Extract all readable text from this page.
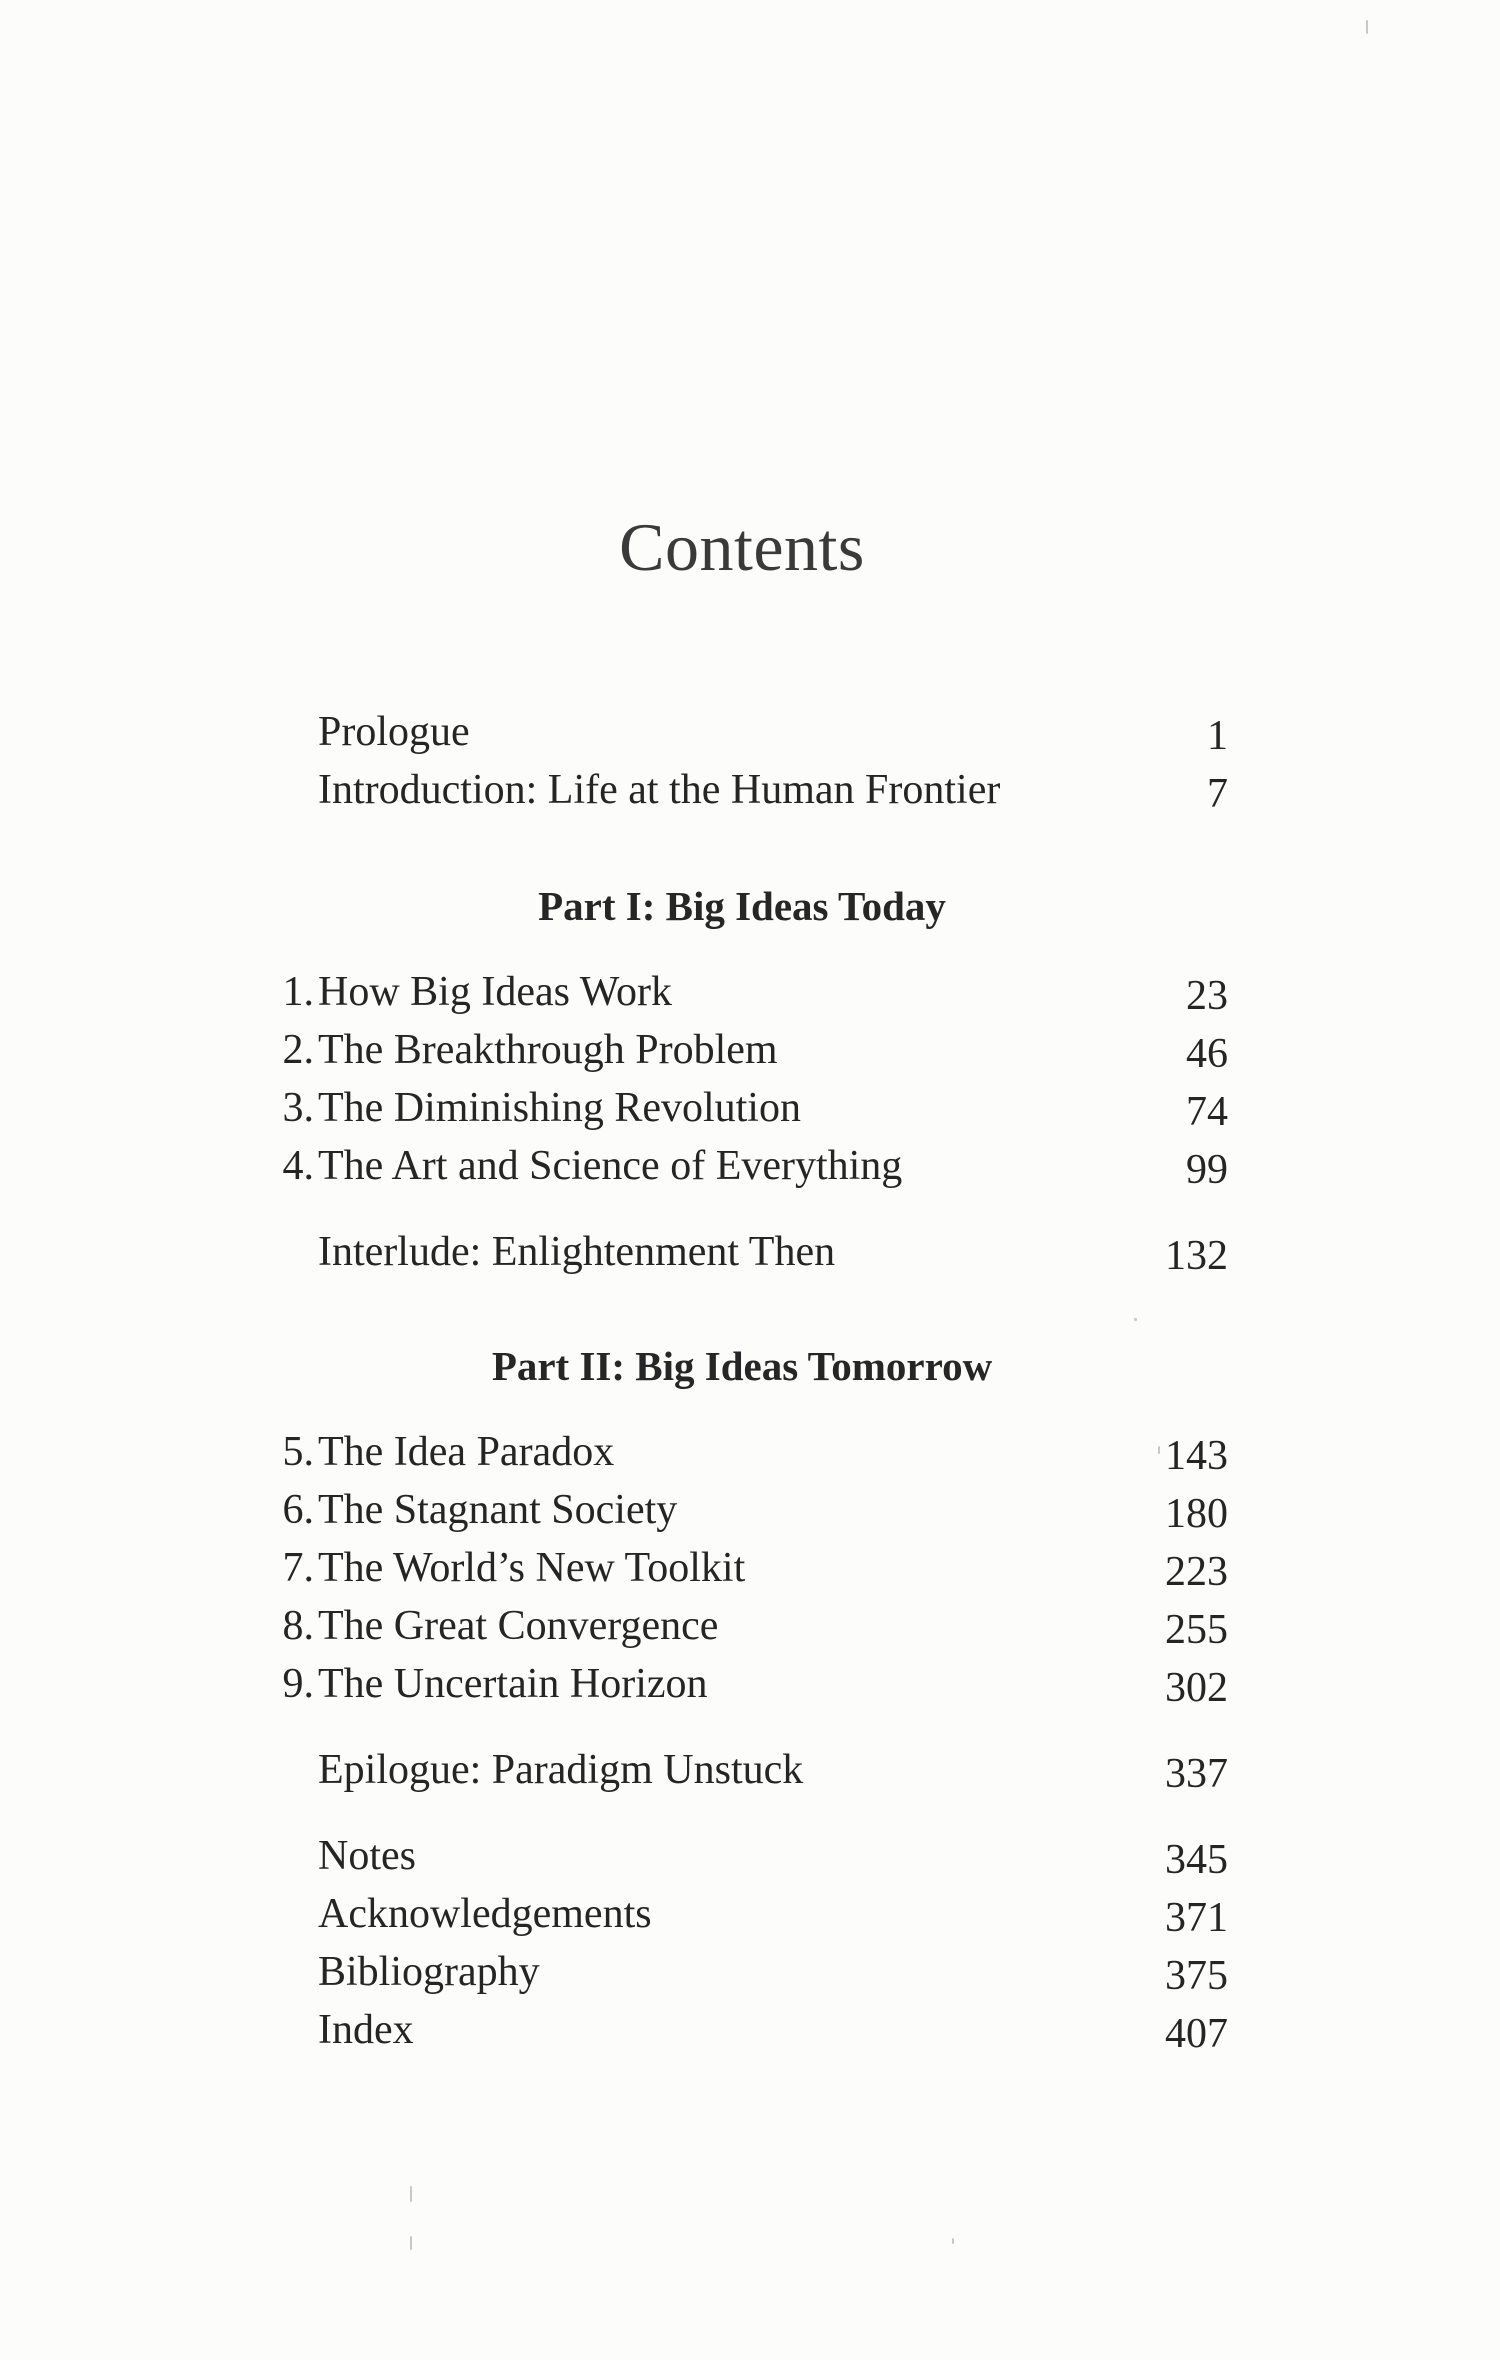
Contents
Prologue	1
Introduction: Life at the Human Frontier	7
Part I: Big Ideas Today
1. How Big Ideas Work	23
2. The Breakthrough Problem	46
3. The Diminishing Revolution	74
4. The Art and Science of Everything	99
Interlude: Enlightenment Then	132
Part II: Big Ideas Tomorrow
5. The Idea Paradox	143
6. The Stagnant Society	180
7. The World’s New Toolkit	223
8. The Great Convergence	255
9. The Uncertain Horizon	302
Epilogue: Paradigm Unstuck	337
Notes	345
Acknowledgements	371
Bibliography	375
Index	407
